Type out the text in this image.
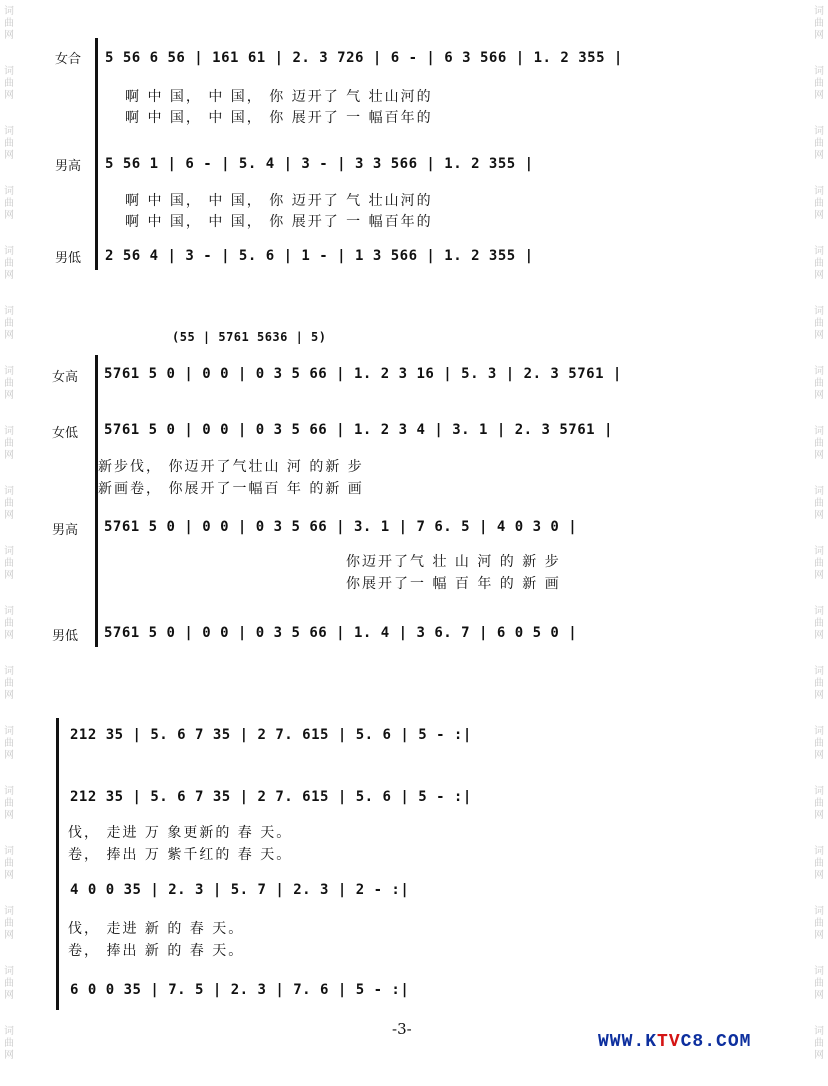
词
曲
网

词
曲
网

词
曲
网

词
曲
网

词
曲
网

词
曲
网

词
曲
网

词
曲
网

词
曲
网

词
曲
网

词
曲
网

词
曲
网

词
曲
网

词
曲
网

词
曲
网

词
曲
网

词
曲
网

词
曲
网

词
曲
网

词
曲
网

词
曲
网

词
曲
网

词
曲
网

词
曲
网

词
曲
网

词
曲
网

词
曲
网

词
曲
网

词
曲
网

词
曲
网

词
曲
网

词
曲
网

词
曲
网

词
曲
网

词
曲
网

词
曲
网

女合
男高
男低
5 56 6 56 | 161 61 | 2. 3 726 | 6 - | 6 3 566 | 1. 2 355 |
啊 中 国， 中 国， 你 迈开了 气 壮山河的
啊 中 国， 中 国， 你 展开了 一 幅百年的
5 56 1 | 6 - | 5. 4 | 3 - | 3 3 566 | 1. 2 355 |
啊 中 国， 中 国， 你 迈开了 气 壮山河的
啊 中 国， 中 国， 你 展开了 一 幅百年的
2 56 4 | 3 - | 5. 6 | 1 - | 1 3 566 | 1. 2 355 |
(55 | 5761 5636 | 5)
女高
女低
男高
男低
5761 5 0 | 0 0 | 0 3 5 66 | 1. 2 3 16 | 5. 3 | 2. 3 5761 |
5761 5 0 | 0 0 | 0 3 5 66 | 1. 2 3 4 | 3. 1 | 2. 3 5761 |
新步伐， 你迈开了气壮山 河 的新 步
新画卷， 你展开了一幅百 年 的新 画
5761 5 0 | 0 0 | 0 3 5 66 | 3. 1 | 7 6. 5 | 4 0 3 0 |
你迈开了气 壮 山 河 的 新 步
你展开了一 幅 百 年 的 新 画
5761 5 0 | 0 0 | 0 3 5 66 | 1. 4 | 3 6. 7 | 6 0 5 0 |
212 35 | 5. 6 7 35 | 2 7. 615 | 5. 6 | 5 - :|
212 35 | 5. 6 7 35 | 2 7. 615 | 5. 6 | 5 - :|
伐， 走进 万 象更新的 春 天。
卷， 捧出 万 紫千红的 春 天。
4 0 0 35 | 2. 3 | 5. 7 | 2. 3 | 2 - :|
伐， 走进 新 的 春 天。
卷， 捧出 新 的 春 天。
6 0 0 35 | 7. 5 | 2. 3 | 7. 6 | 5 - :|
-3-
WWW.KTVC8.COM
